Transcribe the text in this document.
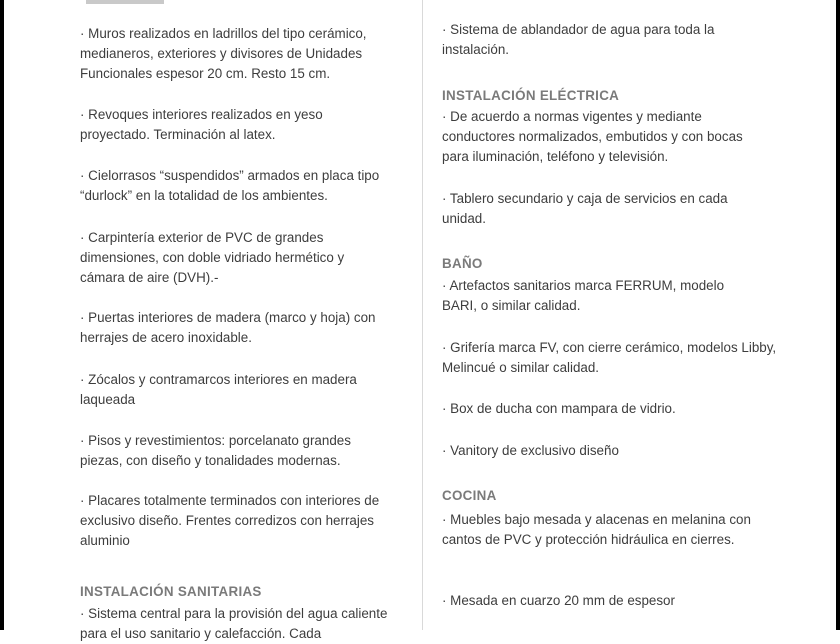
· Muros realizados en ladrillos del tipo cerámico, medianeros, exteriores y divisores de Unidades Funcionales espesor 20 cm. Resto 15 cm.

· Revoques interiores realizados en yeso proyectado. Terminación al latex.

· Cielorrasos “suspendidos” armados en placa tipo “durlock” en la totalidad de los ambientes.

· Carpintería exterior de PVC de grandes dimensiones, con doble vidriado hermético y cámara de aire (DVH).-

· Puertas interiores de madera (marco y hoja) con herrajes de acero inoxidable.

· Zócalos y contramarcos interiores en madera laqueada

· Pisos y revestimientos: porcelanato grandes piezas, con diseño y tonalidades modernas.

· Placares totalmente terminados con interiores de exclusivo diseño. Frentes corredizos con herrajes aluminio

INSTALACIÓN SANITARIAS

· Sistema central para la provisión del agua caliente para el uso sanitario y calefacción. Cada

· Sistema de ablandador de agua para toda la instalación.

INSTALACIÓN ELÉCTRICA

· De acuerdo a normas vigentes y mediante conductores normalizados, embutidos y con bocas para iluminación, teléfono y televisión.

· Tablero secundario y caja de servicios en cada unidad.

BAÑO

· Artefactos sanitarios marca FERRUM, modelo BARI, o similar calidad.

· Grifería marca FV, con cierre cerámico, modelos Libby, Melincué o similar calidad.

· Box de ducha con mampara de vidrio.

· Vanitory de exclusivo diseño

COCINA

· Muebles bajo mesada y alacenas en melanina con cantos de PVC y protección hidráulica en cierres.

· Mesada en cuarzo 20 mm de espesor
